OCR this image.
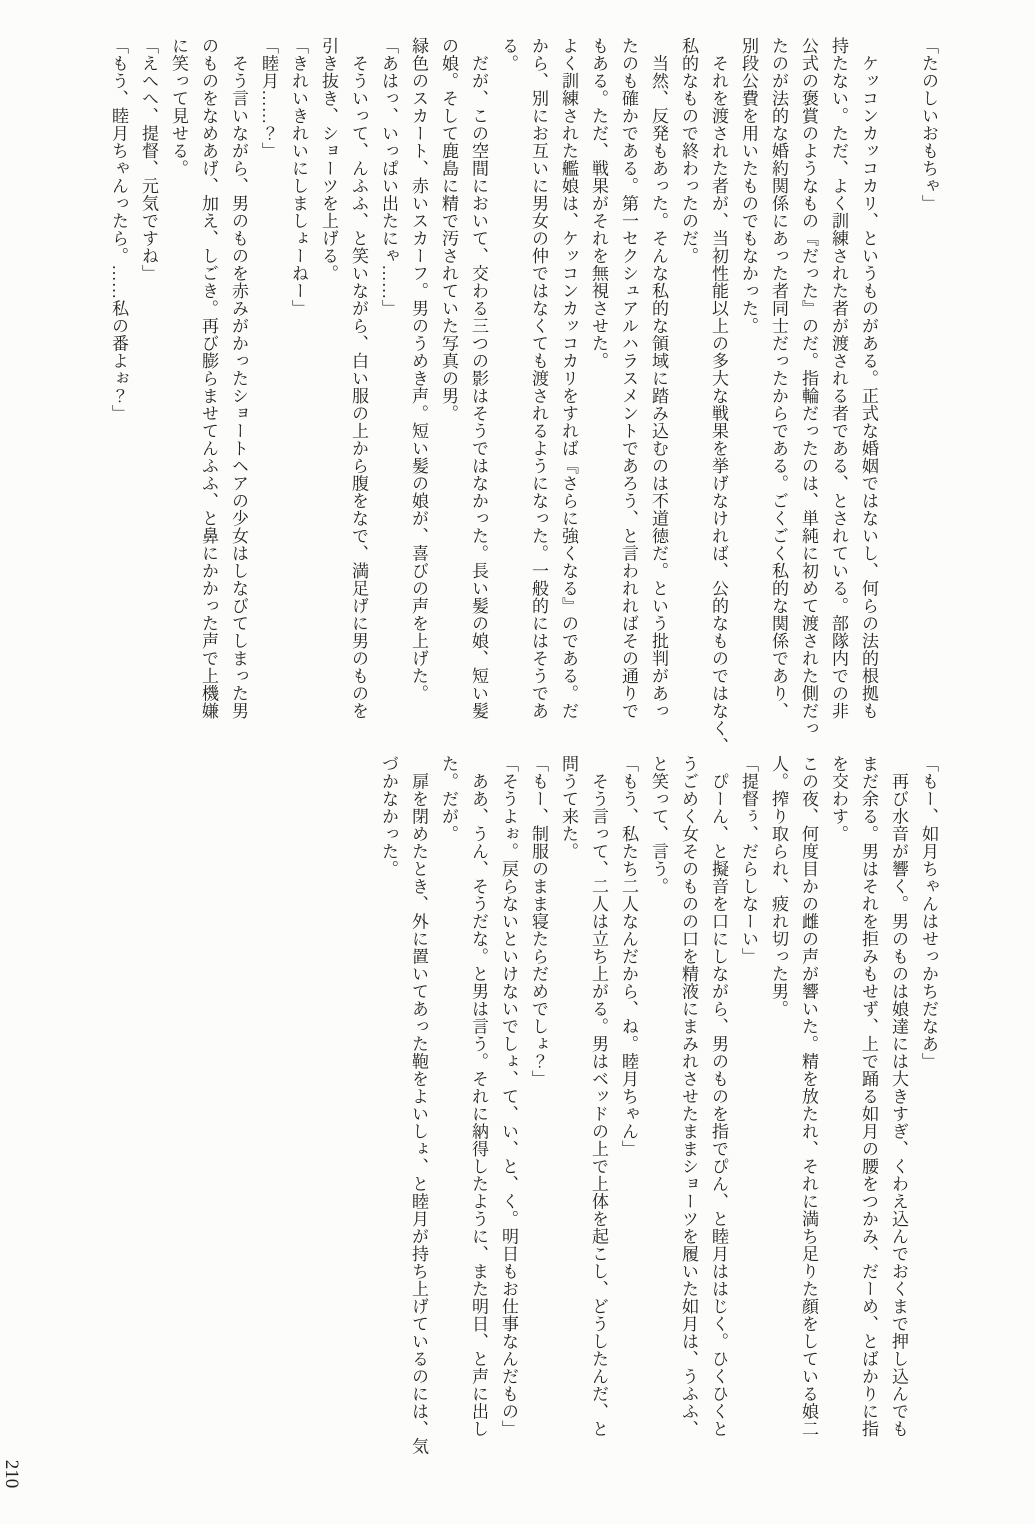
「たのしいおもちゃ」

　ケッコンカッコカリ、というものがある。正式な婚姻ではないし、何らの法的根拠も

持たない。ただ、よく訓練された者が渡される者である、とされている。部隊内での非

公式の褒賞のようなもの『だった』のだ。指輪だったのは、単純に初めて渡された側だっ

たのが法的な婚約関係にあった者同士だったからである。ごくごく私的な関係であり、

別段公費を用いたものでもなかった。

　それを渡された者が、当初性能以上の多大な戦果を挙げなければ、公的なものではなく、

私的なもので終わったのだ。

　当然、反発もあった。そんな私的な領域に踏み込むのは不道徳だ。という批判があっ

たのも確かである。第一セクシュアルハラスメントであろう、と言われればその通りで

もある。ただ、戦果がそれを無視させた。

よく訓練された艦娘は、ケッコンカッコカリをすれば『さらに強くなる』のである。だ

から、別にお互いに男女の仲ではなくても渡されるようになった。一般的にはそうであ

る。

　だが、この空間において、交わる三つの影はそうではなかった。長い髪の娘、短い髪

の娘。そして鹿島に精で汚されていた写真の男。

緑色のスカート、赤いスカーフ。男のうめき声。短い髪の娘が、喜びの声を上げた。

「あはっ、いっぱい出たにゃ……」

　そういって、んふふ、と笑いながら、白い服の上から腹をなで、満足げに男のものを

引き抜き、ショーツを上げる。

「きれいきれいにしましょーねー」

「睦月……？」

　そう言いながら、男のものを赤みがかったショートヘアの少女はしなびてしまった男

のものをなめあげ、加え、しごき。再び膨らませてんふふ、と鼻にかかった声で上機嫌

に笑って見せる。

「えへへ、提督、元気ですね」

「もう、睦月ちゃんったら。……私の番よぉ？」

「もー、如月ちゃんはせっかちだなあ」

　再び水音が響く。男のものは娘達には大きすぎ、くわえ込んでおくまで押し込んでも

まだ余る。男はそれを拒みもせず、上で踊る如月の腰をつかみ、だーめ、とばかりに指

を交わす。

この夜、何度目かの雌の声が響いた。精を放たれ、それに満ち足りた顔をしている娘二

人。搾り取られ、疲れ切った男。

「提督ぅ、だらしなーい」

　ぴーん、と擬音を口にしながら、男のものを指でぴん、と睦月ははじく。ひくひくと

うごめく女そのものの口を精液にまみれさせたままショーツを履いた如月は、うふふ、

と笑って、言う。

「もう、私たち二人なんだから、ね。睦月ちゃん」

　そう言って、二人は立ち上がる。男はベッドの上で上体を起こし、どうしたんだ、と

問うて来た。

「もー、制服のまま寝たらだめでしょ？」

「そうよぉ。戻らないといけないでしょ、て、い、と、く。明日もお仕事なんだもの」

　ああ、うん、そうだな。と男は言う。それに納得したように、また明日、と声に出し

た。だが。

　扉を閉めたとき、外に置いてあった鞄をよいしょ、と睦月が持ち上げているのには、気

づかなかった。

210
